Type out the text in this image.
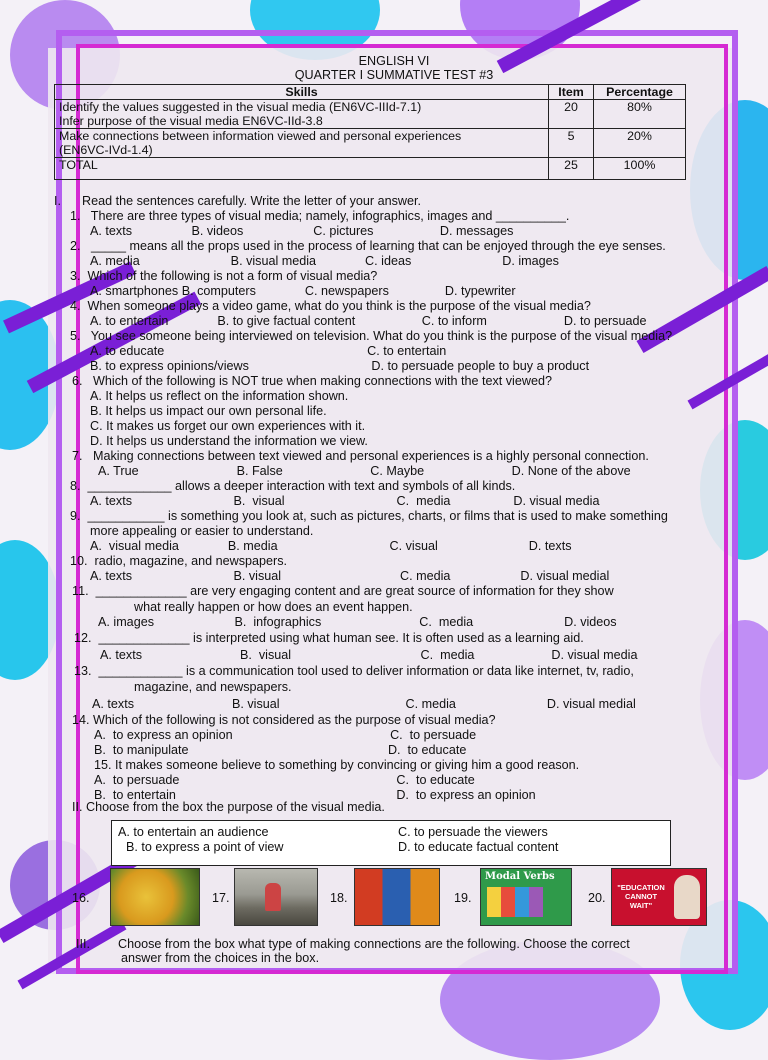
ENGLISH VI
QUARTER I SUMMATIVE TEST #3
Skills	Item	Percentage

Identify the values suggested in the visual media (EN6VC-IIId-7.1)
Infer purpose of the visual media EN6VC-IId-3.8	20	80%

Make connections between information viewed and personal experiences
(EN6VC-IVd-1.4)	5	20%
TOTAL	25	100%
I.      Read the sentences carefully. Write the letter of your answer.
1.   There are three types of visual media; namely, infographics, images and __________.
A. texts                 B. videos                    C. pictures                   D. messages
2.   _____ means all the props used in the process of learning that can be enjoyed through the eye senses.
A. media                          B. visual media              C. ideas                          D. images
3.  Which of the following is not a form of visual media?
A. smartphones B. computers              C. newspapers                D. typewriter
4.  When someone plays a video game, what do you think is the purpose of the visual media?
A. to entertain              B. to give factual content                   C. to inform                      D. to persuade
5.   You see someone being interviewed on television. What do you think is the purpose of the visual media?
A. to educate                                                          C. to entertain
B. to express opinions/views                                   D. to persuade people to buy a product
6.   Which of the following is NOT true when making connections with the text viewed?
A. It helps us reflect on the information shown.
B. It helps us impact our own personal life.
C. It makes us forget our own experiences with it.
D. It helps us understand the information we view.
7.   Making connections between text viewed and personal experiences is a highly personal connection.
A. True                            B. False                         C. Maybe                         D. None of the above
8.  ____________ allows a deeper interaction with text and symbols of all kinds.
A. texts                             B.  visual                                C.  media                  D. visual media
9.  ___________ is something you look at, such as pictures, charts, or films that is used to make something
more appealing or easier to understand.
A.  visual media              B. media                                C. visual                          D. texts
10.  radio, magazine, and newspapers.
A. texts                             B. visual                                  C. media                    D. visual medial
11.  _____________ are very engaging content and are great source of information for they show
what really happen or how does an event happen.
A. images                       B.  infographics                            C.  media                          D. videos
12.  _____________ is interpreted using what human see. It is often used as a learning aid.
A. texts                            B.  visual                                     C.  media                      D. visual media
13.  ____________ is a communication tool used to deliver information or data like internet, tv, radio,
magazine, and newspapers.
A. texts                            B. visual                                    C. media                          D. visual medial
14. Which of the following is not considered as the purpose of visual media?
A.  to express an opinion                                             C.  to persuade
B.  to manipulate                                                         D.  to educate
15. It makes someone believe to something by convincing or giving him a good reason.
A.  to persuade                                                              C.  to educate
B.  to entertain                                                               D.  to express an opinion
II. Choose from the box the purpose of the visual media.
A. to entertain an audience	C. to persuade the viewers
B. to express a point of view	D. to educate factual content
16.	17.	18.	19.
Modal Verbs
20.
"EDUCATION CANNOT WAIT"
III.        Choose from the box what type of making connections are the following. Choose the correct
answer from the choices in the box.
